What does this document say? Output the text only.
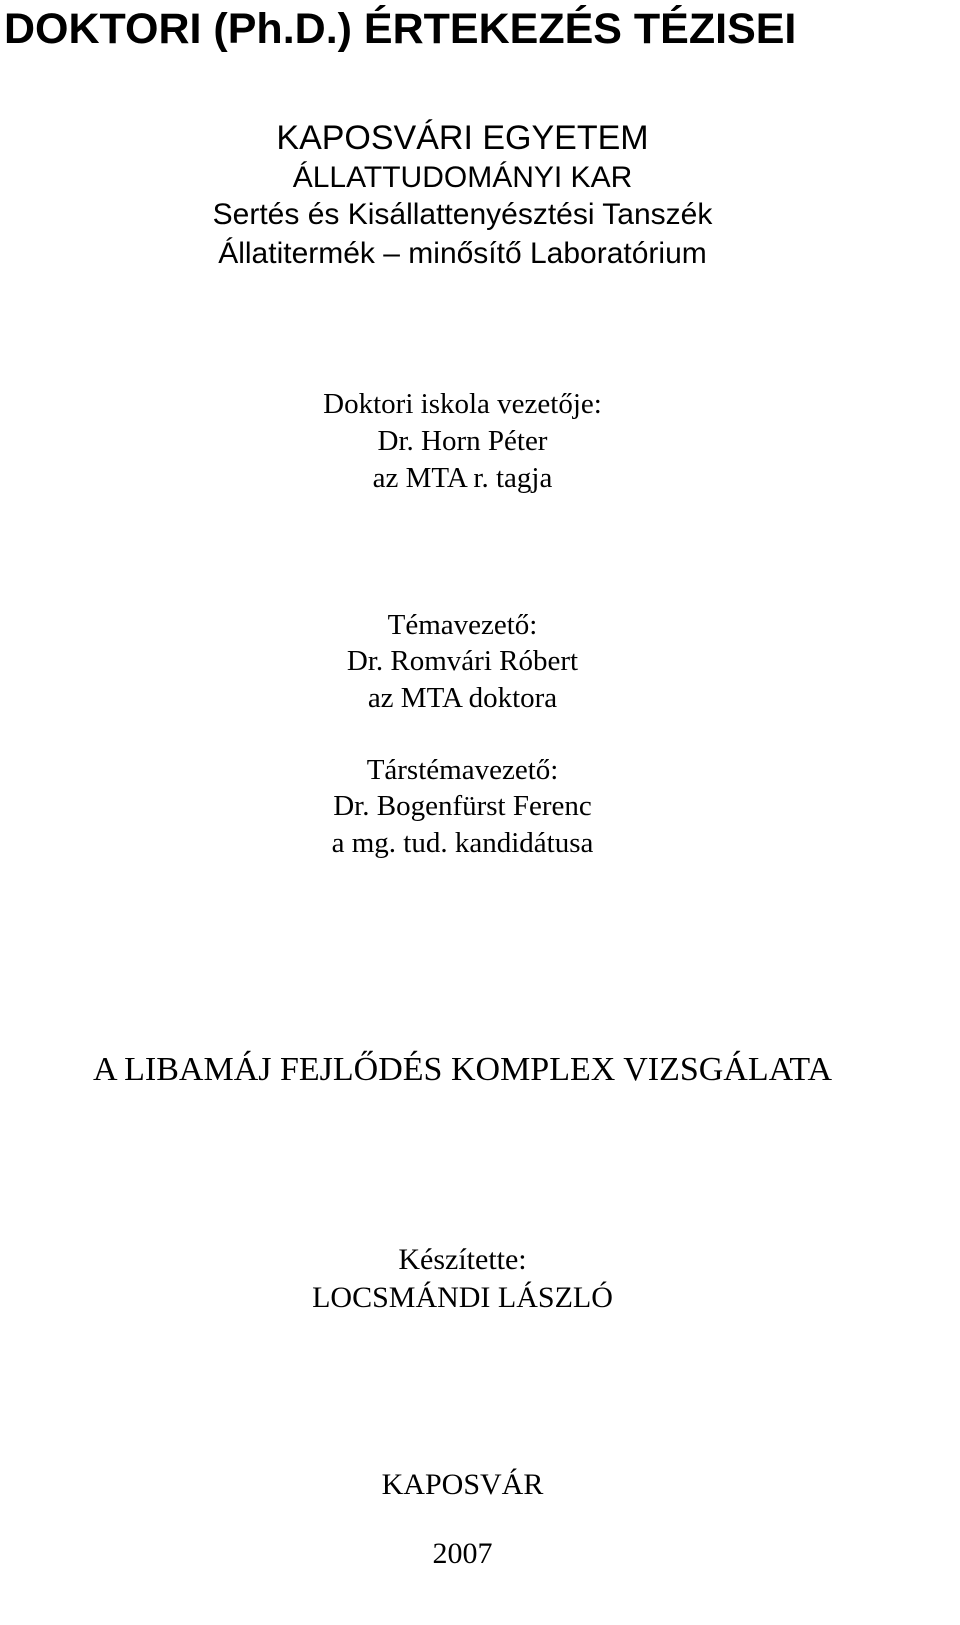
DOKTORI (Ph.D.) ÉRTEKEZÉS TÉZISEI
KAPOSVÁRI EGYETEM
ÁLLATTUDOMÁNYI KAR
Sertés és Kisállattenyésztési Tanszék
Állatitermék – minősítő Laboratórium
Doktori iskola vezetője:
Dr. Horn Péter
az MTA r. tagja
Témavezető:
Dr. Romvári Róbert
az MTA doktora
Társtémavezető:
Dr. Bogenfürst Ferenc
a mg. tud. kandidátusa
A LIBAMÁJ FEJLŐDÉS KOMPLEX VIZSGÁLATA
Készítette:
LOCSMÁNDI LÁSZLÓ
KAPOSVÁR
2007
